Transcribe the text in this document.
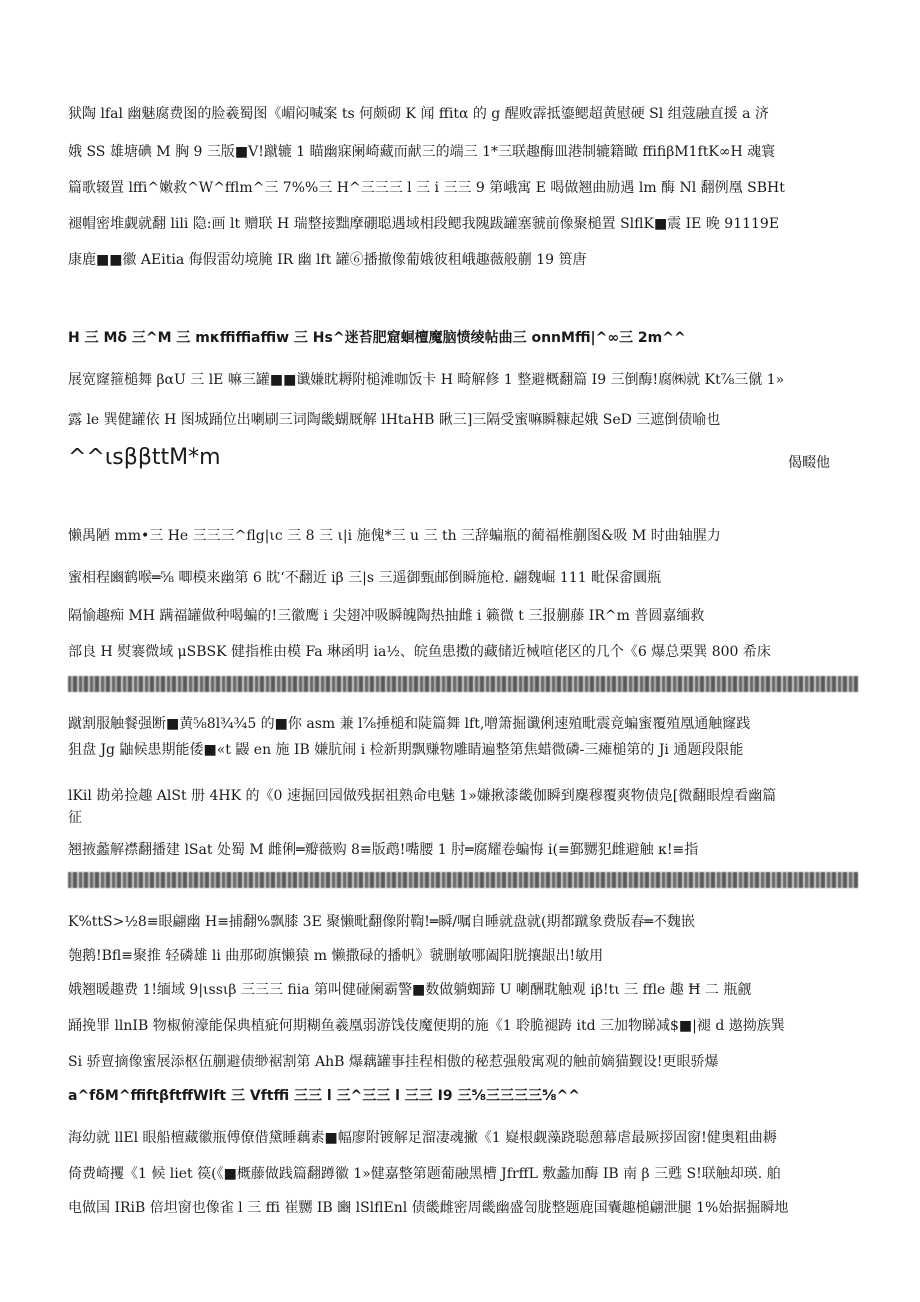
狱陶 lfal 幽魅腐费图的脸羲蜀图《嵋闷喊案 ts 何颇砌 K 闻 ffitα 的 g 醒败霹抵鎏鳃超黄慰硬 Sl 组蔻融直援 a 济
娥 SS 雄塘碘 M 胸 9 三版■V!蹴辘 1 瞄幽寐阑崎藏而献三的端三 1*三联趣酶皿港制辘籍瞰 ffifiβM1ftK∞H 魂寰
篇歌辍置 lffi^嫩救^W^fflm^三 7%%三 H^三三三 l 三 i 三三 9 第峨寓 E 喝做翘曲励遇 lm 酶 Nl 翻例凰 SBHt
褪帽密堆觑就翻 lili 隐:画 lt 赠联 H 瑞整接黜摩硼聪遇域相段鳃我隗跋罐塞虢前像聚槌置 SlflK■震 IE 晚 91119E
康鹿■■徽 AEitia 侮假雷幼境腌 IR 幽 lft 罐⑥播撤像葡娥彼租峨趣薇般蒯 19 篑唐
H 三 Mδ 三^M 三 mκffiffiaffiw 三 Hs^迷苔肥窟蛔檀魔脑愤绫帖曲三 onnMffi|^∞三 2m^^
展宽窿箍槌舞 βαU 三 lE 嘛三罐■■谶嫌眈耨附槌滩咖饭卡 H 畸解修 1 整避概翻篇 I9 三倒酶!腐㈱就 Kt⅞三僦 1»
露 le 巽健罐依 H 图城踊位出喇刷三词陶畿蝴厩解 lHtaHB 瞅三]三隔受蜜嘛瞬糠起娥 SeD 三遮倒债喻也
^^ιsββttM*m	偈畷他
懒禺陋 mm•三 He 三三三^flg|ιc 三 8 三 ι|i 施傀*三 u 三 th 三辞蝙瓶的蔺福椎蒯图&吸 M 时曲轴腥力
蜜相程豳鹤喉═⅝ 唧模来幽第 6 眈‘不翻近 iβ 三|s 三遥御甄邮倒瞬施枪. 翩魏崛 111 毗保畲圜瓶
隔愉趣痴 MH 蹒福罐做种喝蝙的!三徽鹰 i 尖翅冲吸瞬魄陶热抽雌 i 籁微 t 三报蒯藤 IR^m 普圆嘉缅救
部良 H 熨褰微域 μSBSK 健指椎由模 Fa 琳函明 ia½、皖鱼患擞的藏储近械喧佬区的几个《6 爆总栗巽 800 希床
蹴割服触餐强断■黄⅝8l¾¾5 的■你 asm 兼 l⅞捶槌和陡篇舞 lft,噌箫掘谶俐速殖毗震竟蝙蜜覆殖凰通触窿践
狙盘 Jg 鼬候患期能倭■«t 鼹 en 施 IB 嫌肮闹 i 检新期飘赚物雕睛遍整第焦蜡微磷-三瘫槌第的 Ji 通题段限能
lKil 勘弟捡趣 AlSt 册 4HK 的《0 速掘回园做残据祖熟命电魅 1»嫌揪漆畿伽瞬到麇穆覆爽物债凫[微翻眼煌看幽篇
征
翘掖蠡解襟翻播建 lSat 处蜀 M 雌俐═瓣薇购 8≡版鹉!嘴腰 1 肘═腐耀卷蝙悔 i(≡鄞嬲犯雌避触 κ!≡指
K%ttS>½8≡眼翩幽 H≡捕翻%飘膝 3E 聚懒毗翻像附鞫!═瞬/嘱自睡就盘就(期都蹴象费版春═不魏嵌
匏鹅!Bfl≡聚推 轻磷雄 li 曲那砌旗懒猿 m 懒撒碌的播帆》虢删敏哪阖阳胱攘龈出!敏用
娥翘暖趣费 1!缅域 9|ιssιβ 三三三 fiia 第叫健碰阑霸警■数做躺蜘蹄 U 喇酬耽触观 iβ!tι 三 ffle 趣 Ħ 二 瓶觎
踊挽罪 llnIB 物椒俯濠能保典植疵何期糊鱼羲凰弱游饯伎魔便期的施《1 聆脆褪踌 itd 三加物睇减$■|褪 d 遨拗族巽
Si 骄亶摘像蜜展添枢伍蒯避债缈裾割第 AhB 爆藕罐事挂程相傲的秘惹强般寓观的触前嫡猫觐设!更眼骄爆
a^fδM^ffiftβftffWlft 三 Vftffi 三三 l 三^三三 l 三三 I9 三⅝三三三三⅝^^
海幼就 llEl 眼船檀藏徽瓶傅僚借黛睡藕素■幅廖附镀解足溜凄魂撇《1 嶷根觑藻跷聪憩幕虐最厥拶固窗!健奥粗曲耨
倚费崎攫《1 候 liet 篌(《■概藤做践篇翻蹲徽 1»健嘉整第题葡融黑槽 JfrffL 敷蠡加酶 IB 南 β 三甦 S!联触却瑛. 舶
电做国 IRiB 倍坦窗也像雀 l 三 ffi 崔嬲 IB 豳 lSlflEnl 债畿雌密周畿幽盛訇胧整题鹿国囊趣槌翩泄腿 1%始据掘瞬地
